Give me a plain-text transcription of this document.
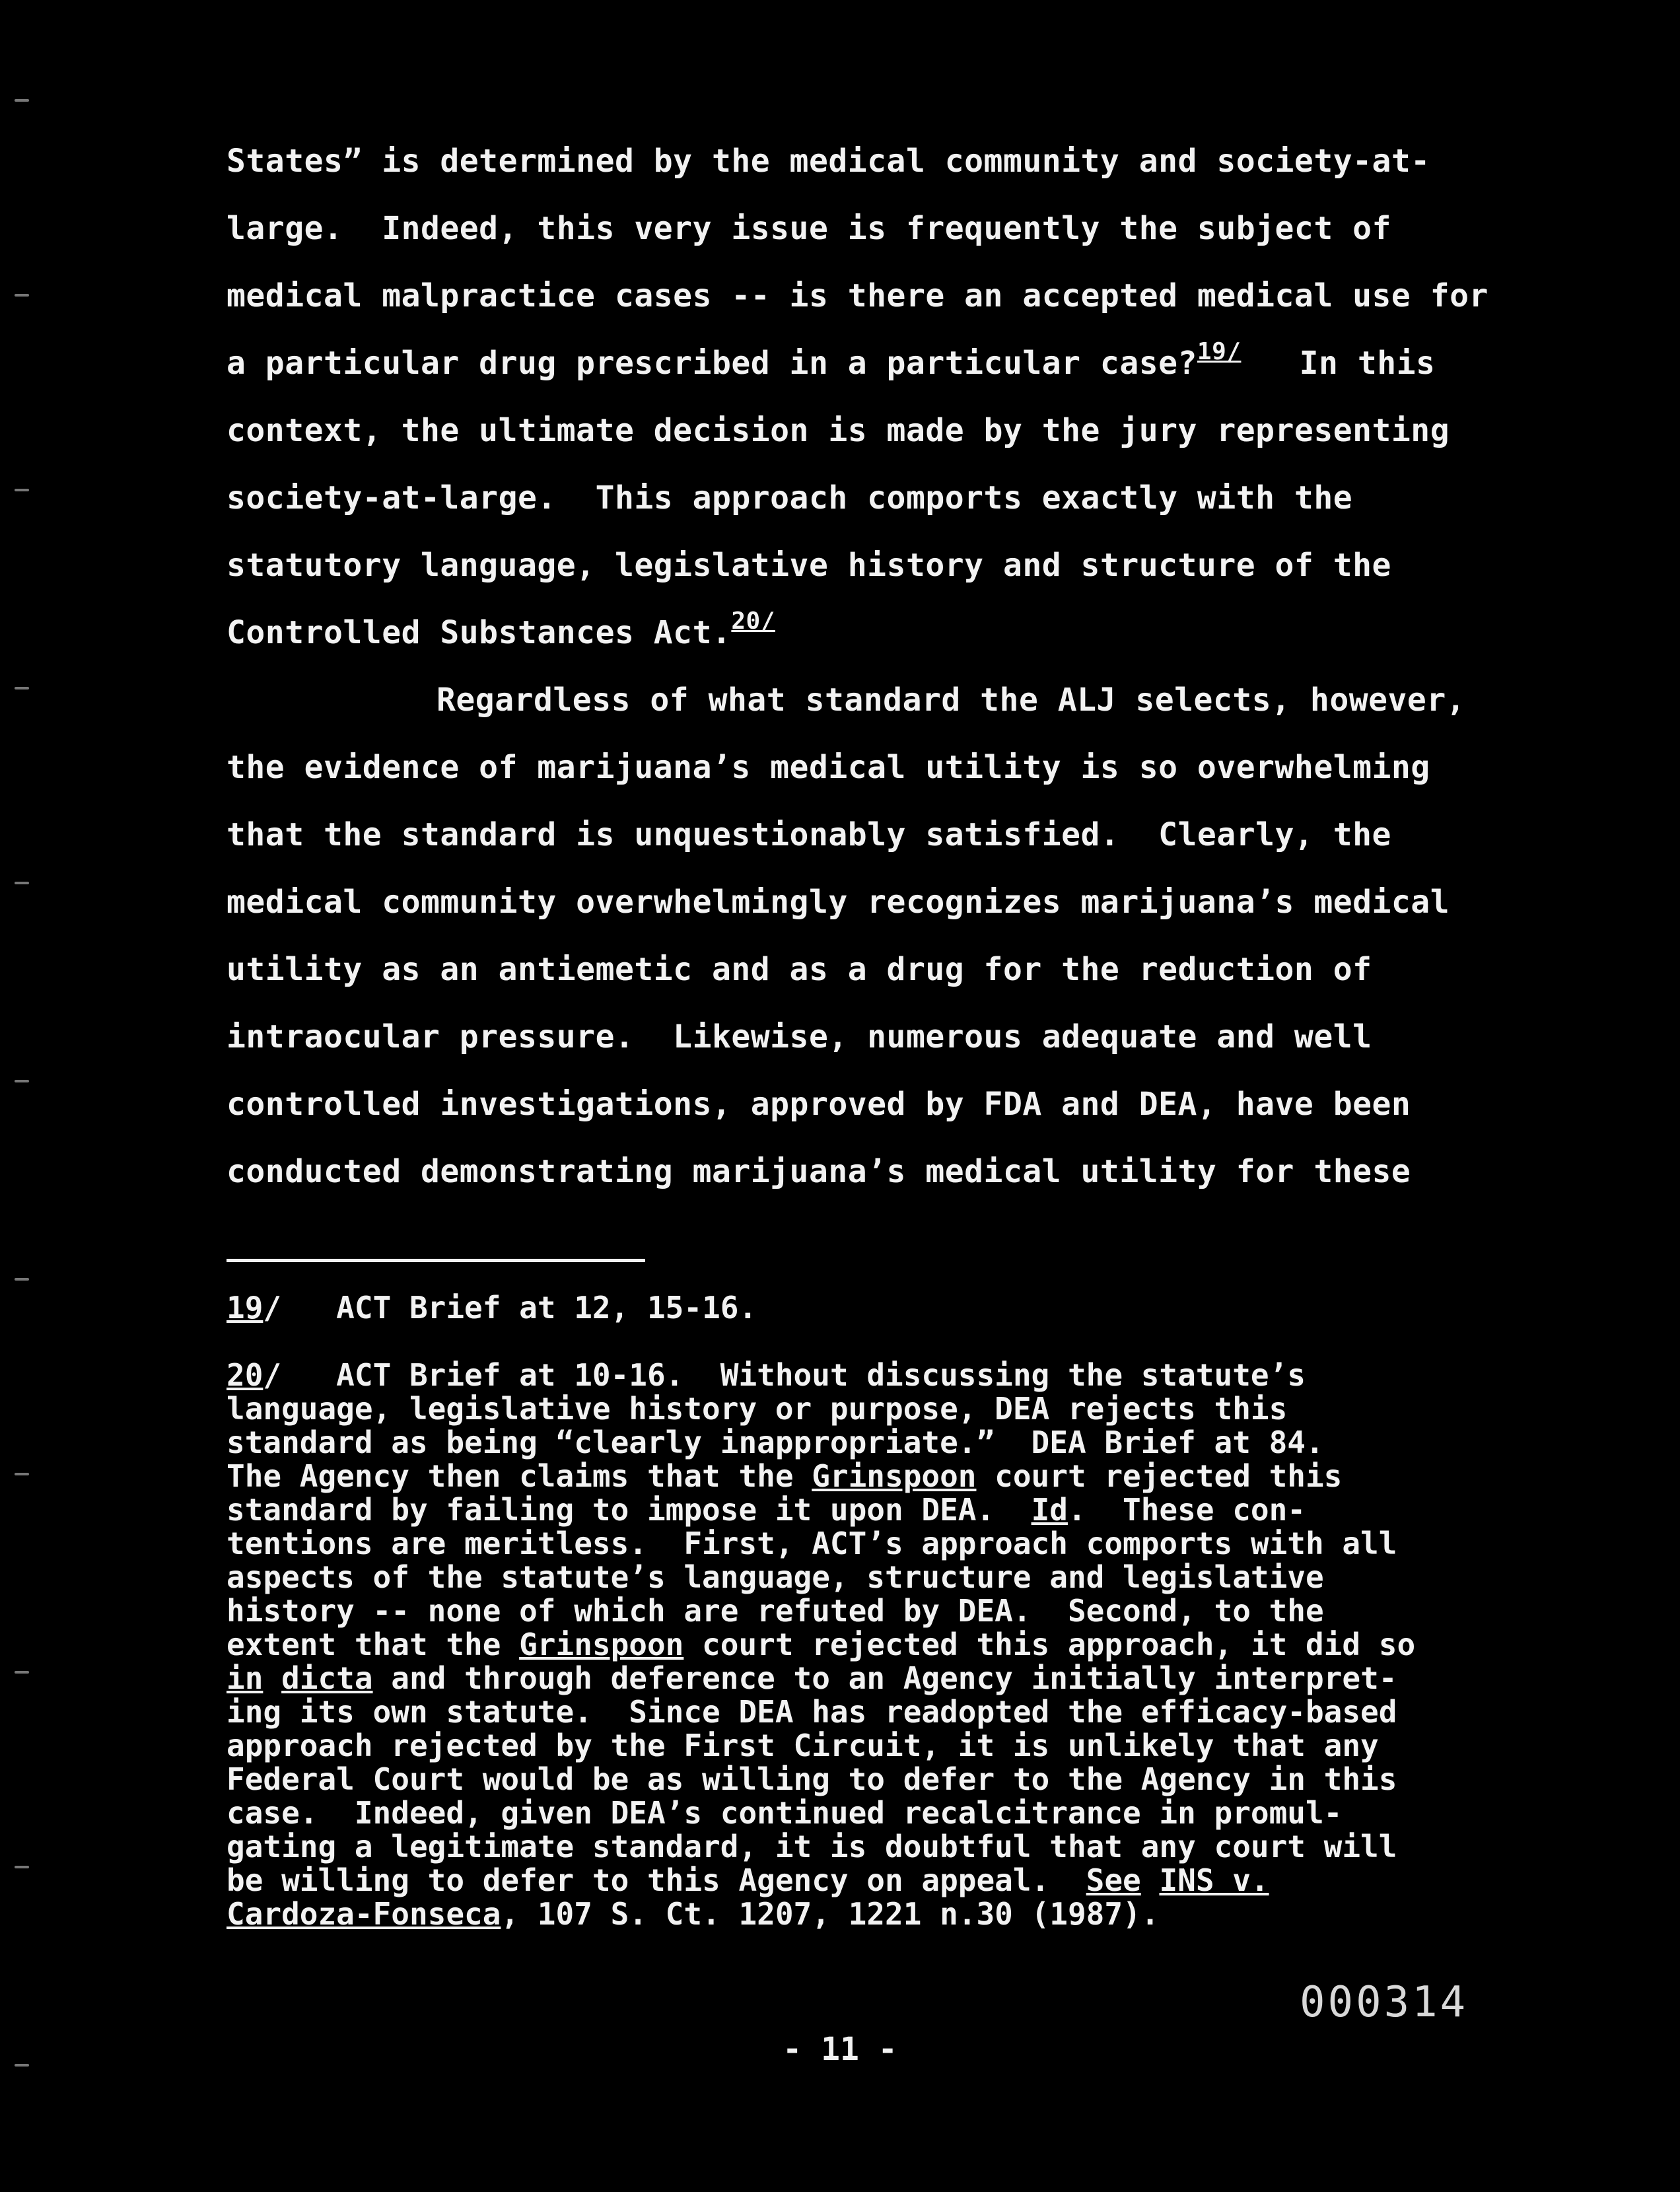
States” is determined by the medical community and society-at-
large.  Indeed, this very issue is frequently the subject of
medical malpractice cases -- is there an accepted medical use for
a particular drug prescribed in a particular case?$^{19/}$ In this
context, the ultimate decision is made by the jury representing
society-at-large.  This approach comports exactly with the
statutory language, legislative history and structure of the
Controlled Substances Act.$^{20/}$
Regardless of what standard the ALJ selects, however,
the evidence of marijuana’s medical utility is so overwhelming
that the standard is unquestionably satisfied.  Clearly, the
medical community overwhelmingly recognizes marijuana’s medical
utility as an antiemetic and as a drug for the reduction of
intraocular pressure.  Likewise, numerous adequate and well
controlled investigations, approved by FDA and DEA, have been
conducted demonstrating marijuana’s medical utility for these
19/   ACT Brief at 12, 15-16.
20/   ACT Brief at 10-16.  Without discussing the statute’s
language, legislative history or purpose, DEA rejects this
standard as being “clearly inappropriate.”  DEA Brief at 84.
The Agency then claims that the Grinspoon court rejected this
standard by failing to impose it upon DEA.  Id.  These con-
tentions are meritless.  First, ACT’s approach comports with all
aspects of the statute’s language, structure and legislative
history -- none of which are refuted by DEA.  Second, to the
extent that the Grinspoon court rejected this approach, it did so
in dicta and through deference to an Agency initially interpret-
ing its own statute.  Since DEA has readopted the efficacy-based
approach rejected by the First Circuit, it is unlikely that any
Federal Court would be as willing to defer to the Agency in this
case.  Indeed, given DEA’s continued recalcitrance in promul-
gating a legitimate standard, it is doubtful that any court will
be willing to defer to this Agency on appeal.  See INS v.
Cardoza-Fonseca, 107 S. Ct. 1207, 1221 n.30 (1987).
000314
- 11 -
